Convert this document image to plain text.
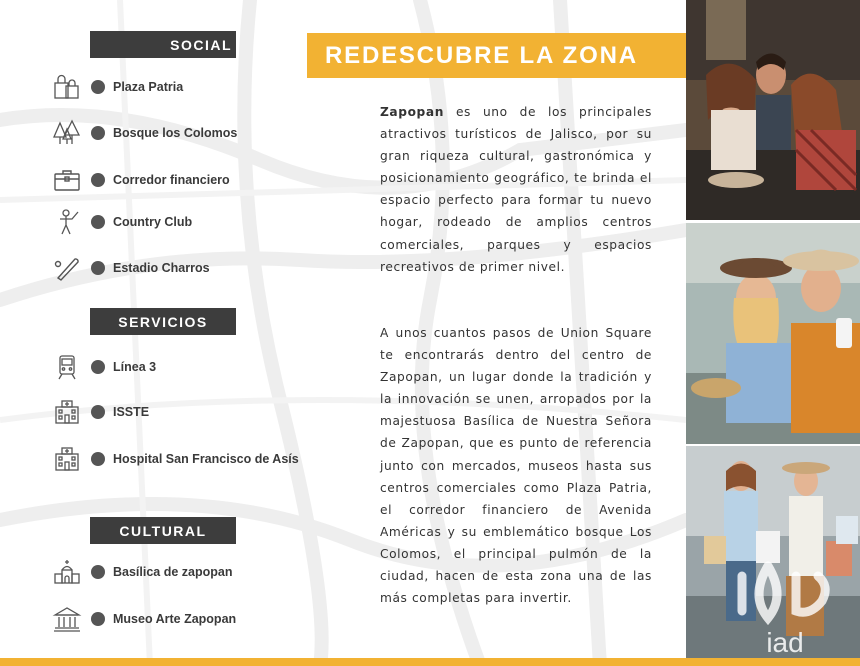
SOCIAL
Plaza Patria
Bosque los Colomos
Corredor financiero
Country Club
Estadio Charros
SERVICIOS
Línea 3
ISSTE
Hospital San Francisco de Asís
CULTURAL
Basílica de zapopan
Museo Arte Zapopan
REDESCUBRE LA ZONA

Zapopan es uno de los principales atractivos turísticos de Jalisco, por su gran riqueza cultural, gastronómica y posicionamiento geográfico, te brinda el espacio perfecto para formar tu nuevo hogar, rodeado de amplios centros comerciales, parques y espacios recreativos de primer nivel.

A unos cuantos pasos de Union Square te encontrarás dentro del centro de Zapopan, un lugar donde la tradición y la innovación se unen, arropados por la majestuosa Basílica de Nuestra Señora de Zapopan, que es punto de referencia junto con mercados, museos hasta sus centros comerciales como Plaza Patria, el corredor financiero de Avenida Américas y su emblemático bosque Los Colomos, el principal pulmón de la ciudad, hacen de esta zona una de las más completas para invertir.

iad
